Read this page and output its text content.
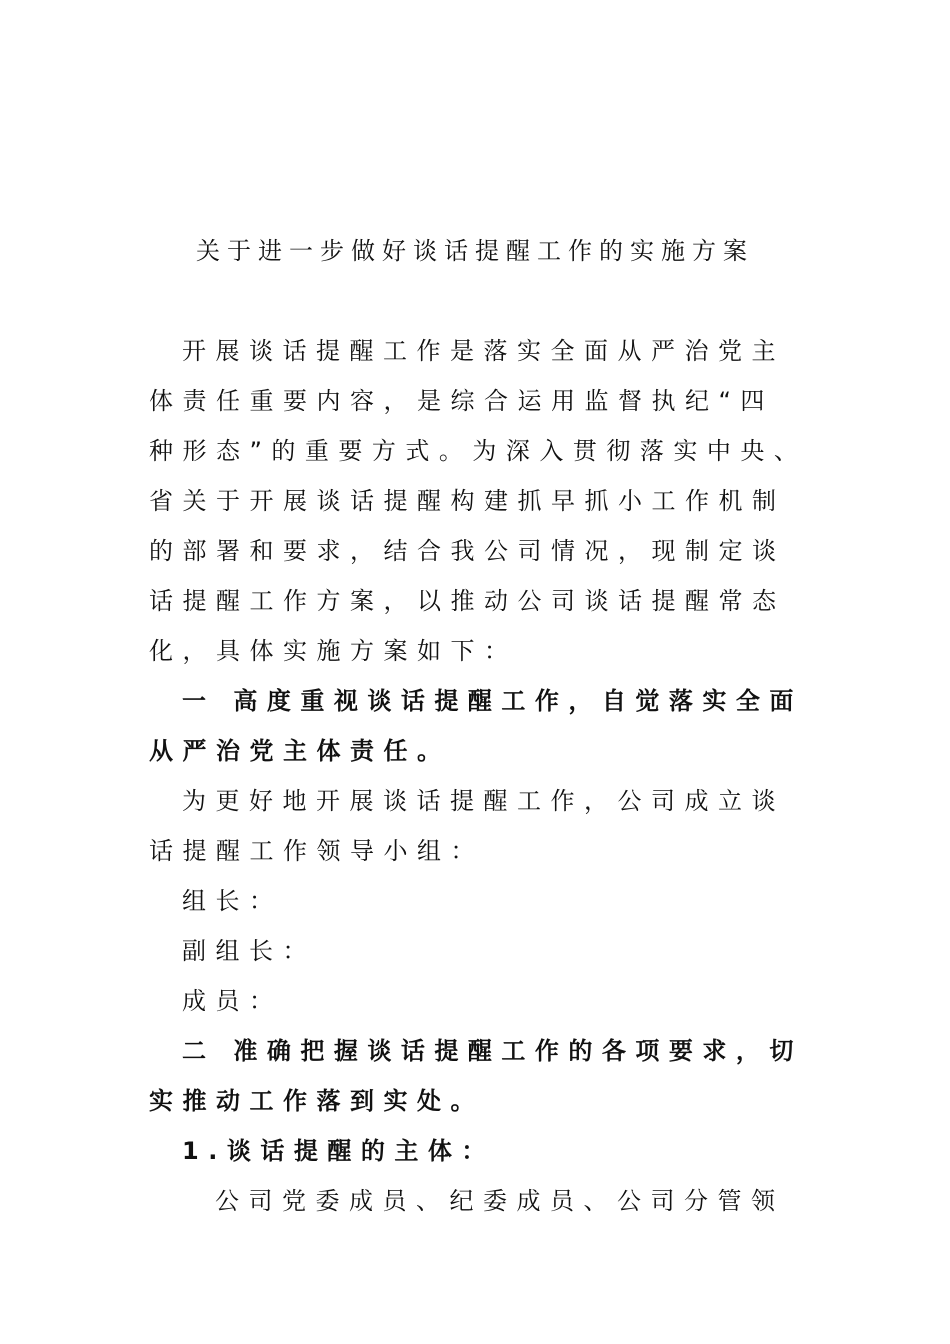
关于进一步做好谈话提醒工作的实施方案
开展谈话提醒工作是落实全面从严治党主
体责任重要内容，是综合运用监督执纪“四
种形态”的重要方式。为深入贯彻落实中央、
省关于开展谈话提醒构建抓早抓小工作机制
的部署和要求，结合我公司情况，现制定谈
话提醒工作方案，以推动公司谈话提醒常态
化，具体实施方案如下：
一 高度重视谈话提醒工作，自觉落实全面
从严治党主体责任。
为更好地开展谈话提醒工作，公司成立谈
话提醒工作领导小组：
组长：
副组长：
成员：
二 准确把握谈话提醒工作的各项要求，切
实推动工作落到实处。
1.谈话提醒的主体：
公司党委成员、纪委成员、公司分管领
